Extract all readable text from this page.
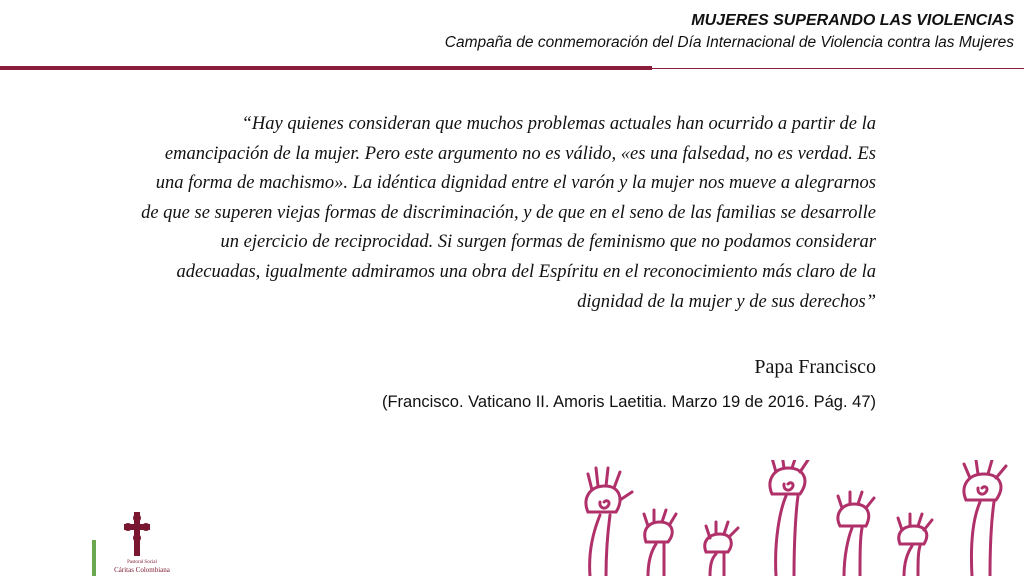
MUJERES SUPERANDO LAS VIOLENCIAS
Campaña de conmemoración del Día Internacional de Violencia contra las Mujeres
“Hay quienes consideran que muchos problemas actuales han ocurrido a partir de la emancipación de la mujer. Pero este argumento no es válido, «es una falsedad, no es verdad. Es una forma de machismo». La idéntica dignidad entre el varón y la mujer nos mueve a alegrarnos de que se superen viejas formas de discriminación, y de que en el seno de las familias se desarrolle un ejercicio de reciprocidad. Si surgen formas de feminismo que no podamos considerar adecuadas, igualmente admiramos una obra del Espíritu en el reconocimiento más claro de la dignidad de la mujer y de sus derechos”
Papa Francisco
(Francisco. Vaticano II. Amoris Laetitia. Marzo 19 de 2016. Pág. 47)
Pastoral Social
Cáritas Colombiana
